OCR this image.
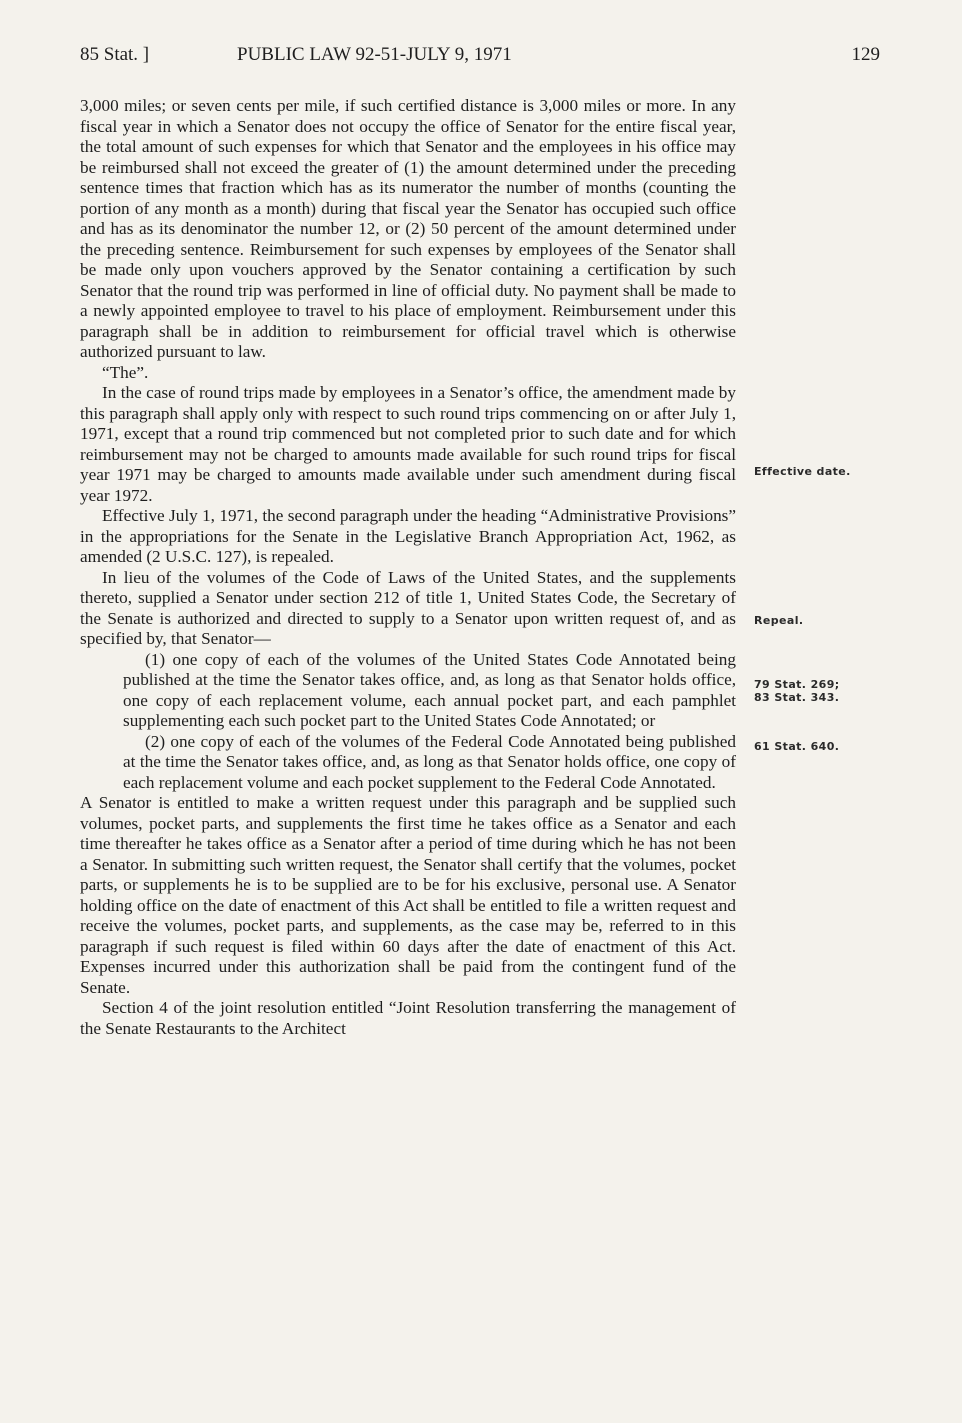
85 Stat. ]	PUBLIC LAW 92-51-JULY 9, 1971	129

3,000 miles; or seven cents per mile, if such certified distance is 3,000 miles or more. In any fiscal year in which a Senator does not occupy the office of Senator for the entire fiscal year, the total amount of such expenses for which that Senator and the employees in his office may be reimbursed shall not exceed the greater of (1) the amount determined under the preceding sentence times that fraction which has as its numerator the number of months (counting the portion of any month as a month) during that fiscal year the Senator has occupied such office and has as its denominator the number 12, or (2) 50 percent of the amount determined under the preceding sentence. Reimbursement for such expenses by employees of the Senator shall be made only upon vouchers approved by the Senator containing a certification by such Senator that the round trip was performed in line of official duty. No payment shall be made to a newly appointed employee to travel to his place of employment. Reimbursement under this paragraph shall be in addition to reimbursement for official travel which is otherwise authorized pursuant to law.

“The”.

In the case of round trips made by employees in a Senator’s office, the amendment made by this paragraph shall apply only with respect to such round trips commencing on or after July 1, 1971, except that a round trip commenced but not completed prior to such date and for which reimbursement may not be charged to amounts made available for such round trips for fiscal year 1971 may be charged to amounts made available under such amendment during fiscal year 1972.

Effective July 1, 1971, the second paragraph under the heading “Administrative Provisions” in the appropriations for the Senate in the Legislative Branch Appropriation Act, 1962, as amended (2 U.S.C. 127), is repealed.

In lieu of the volumes of the Code of Laws of the United States, and the supplements thereto, supplied a Senator under section 212 of title 1, United States Code, the Secretary of the Senate is authorized and directed to supply to a Senator upon written request of, and as specified by, that Senator—

(1) one copy of each of the volumes of the United States Code Annotated being published at the time the Senator takes office, and, as long as that Senator holds office, one copy of each replacement volume, each annual pocket part, and each pamphlet supplementing each such pocket part to the United States Code Annotated; or

(2) one copy of each of the volumes of the Federal Code Annotated being published at the time the Senator takes office, and, as long as that Senator holds office, one copy of each replacement volume and each pocket supplement to the Federal Code Annotated.

A Senator is entitled to make a written request under this paragraph and be supplied such volumes, pocket parts, and supplements the first time he takes office as a Senator and each time thereafter he takes office as a Senator after a period of time during which he has not been a Senator. In submitting such written request, the Senator shall certify that the volumes, pocket parts, or supplements he is to be supplied are to be for his exclusive, personal use. A Senator holding office on the date of enactment of this Act shall be entitled to file a written request and receive the volumes, pocket parts, and supplements, as the case may be, referred to in this paragraph if such request is filed within 60 days after the date of enactment of this Act. Expenses incurred under this authorization shall be paid from the contingent fund of the Senate.

Section 4 of the joint resolution entitled “Joint Resolution transferring the management of the Senate Restaurants to the Architect

Effective date.
Repeal.
79 Stat. 269;
83 Stat. 343.
61 Stat. 640.
